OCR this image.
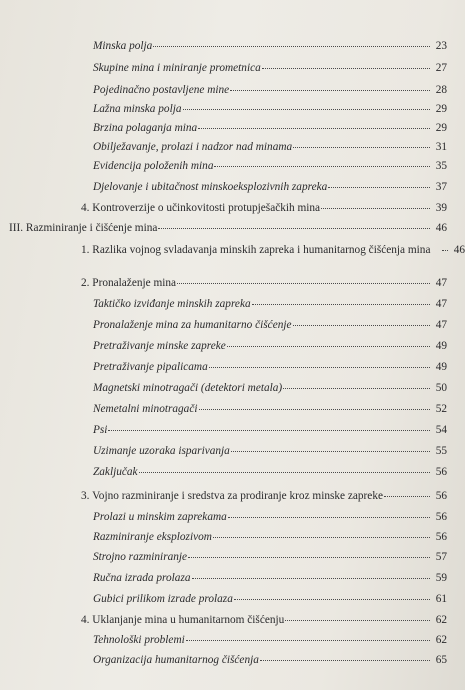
Minska polja	23
Skupine mina i miniranje prometnica	27
Pojedinačno postavljene mine	28
Lažna minska polja	29
Brzina polaganja mina	29
Obilježavanje, prolazi i nadzor nad minama	31
Evidencija položenih mina	35
Djelovanje i ubitačnost minskoeksplozivnih zapreka	37
4. Kontroverzije o učinkovitosti protupješačkih mina	39
III. Razminiranje i čišćenje mina	46
1. Razlika vojnog svladavanja minskih zapreka i humanitarnog čišćenja mina	46
2. Pronalaženje mina	47
Taktičko izviđanje minskih zapreka	47
Pronalaženje mina za humanitarno čišćenje	47
Pretraživanje minske zapreke	49
Pretraživanje pipalicama	49
Magnetski minotragači (detektori metala)	50
Nemetalni minotragači	52
Psi	54
Uzimanje uzoraka isparivanja	55
Zaključak	56
3. Vojno razminiranje i sredstva za prodiranje kroz minske zapreke	56
Prolazi u minskim zaprekama	56
Razminiranje eksplozivom	56
Strojno razminiranje	57
Ručna izrada prolaza	59
Gubici prilikom izrade prolaza	61
4. Uklanjanje mina u humanitarnom čišćenju	62
Tehnološki problemi	62
Organizacija humanitarnog čišćenja	65
